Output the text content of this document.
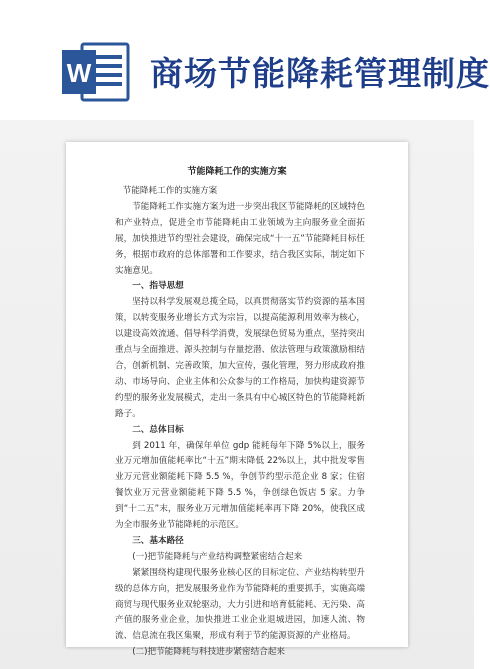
W 商场节能降耗管理制度
节能降耗工作的实施方案

节能降耗工作的实施方案

节能降耗工作实施方案为进一步突出我区节能降耗的区域特色和产业特点，促进全市节能降耗由工业领域为主向服务业全面拓展，加快推进节约型社会建设，确保完成“十一五”节能降耗目标任务，根据市政府的总体部署和工作要求，结合我区实际，制定如下实施意见。

一、指导思想

坚持以科学发展观总揽全局，以真贯彻落实节约资源的基本国策，以转变服务业增长方式为宗旨，以提高能源利用效率为核心，以建设高效流通、倡导科学消费，发展绿色贸易为重点，坚持突出重点与全面推进、源头控制与存量挖潜、依法管理与政策激励相结合，创新机制、完善政策，加大宣传，强化管理，努力形成政府推动、市场导向、企业主体和公众参与的工作格局，加快构建资源节约型的服务业发展模式，走出一条具有中心城区特色的节能降耗新路子。

二、总体目标

到 2011 年，确保年单位 gdp 能耗每年下降 5%以上，服务业万元增加值能耗率比“十五”期末降低 22%以上，其中批发零售业万元营业额能耗下降 5.5 %，争创节约型示范企业 8 家；住宿餐饮业万元营业额能耗下降 5.5 %，争创绿色饭店 5 家。力争到“十二五”末，服务业万元增加值能耗率再下降 20%，使我区成为全市服务业节能降耗的示范区。

三、基本路径

(一)把节能降耗与产业结构调整紧密结合起来

紧紧围绕构建现代服务业核心区的目标定位、产业结构转型升级的总体方向，把发展服务业作为节能降耗的重要抓手，实施高端商贸与现代服务业双轮驱动，大力引进和培育低能耗、无污染、高产值的服务业企业，加快推进工业企业退城进园，加速人流、物流、信息流在我区集聚，形成有利于节约能源资源的产业格局。

(二)把节能降耗与科技进步紧密结合起来
